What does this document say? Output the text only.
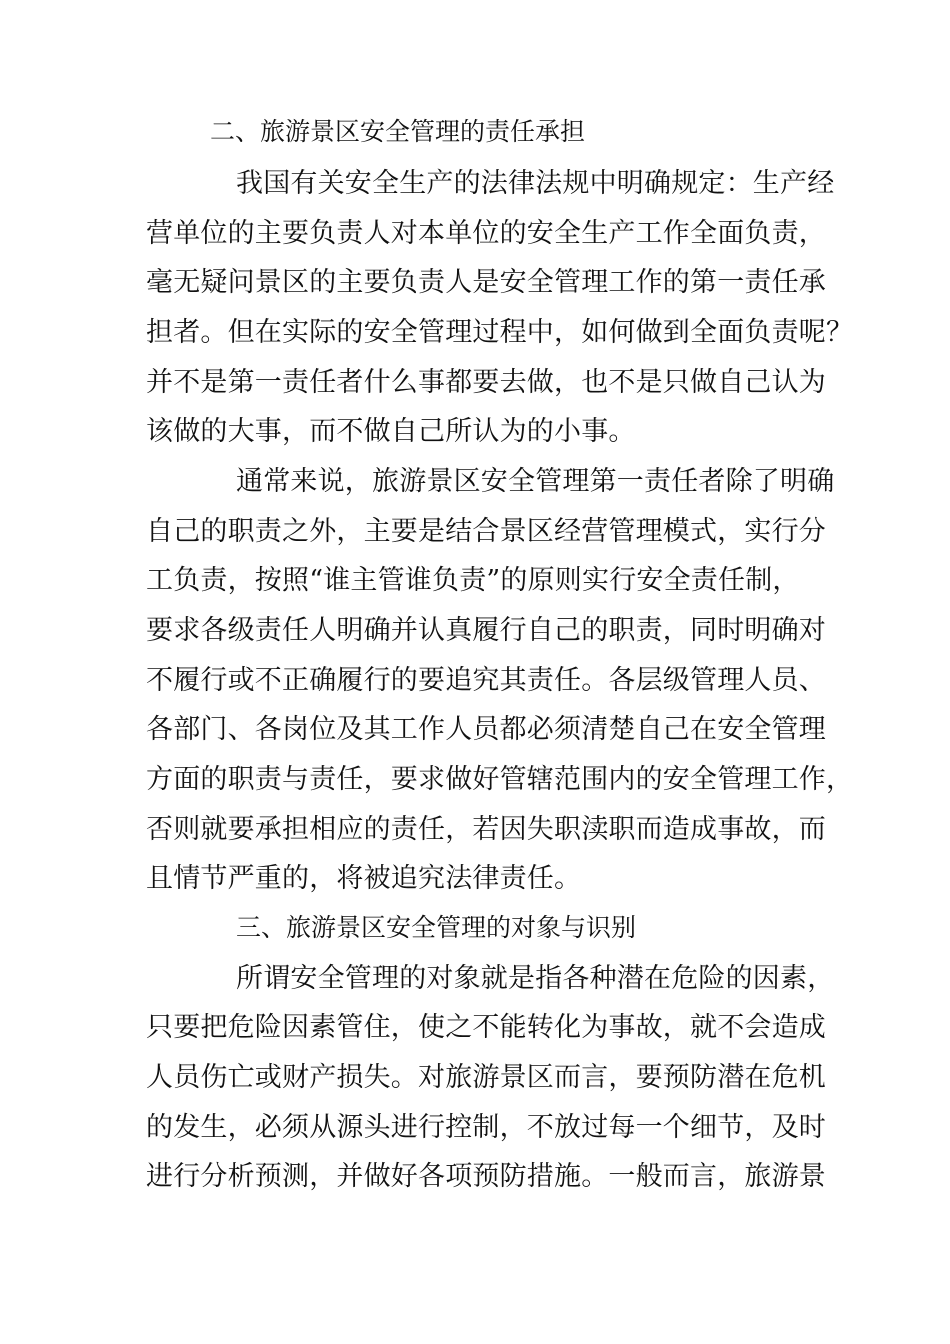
二、旅游景区安全管理的责任承担
我国有关安全生产的法律法规中明确规定：生产经
营单位的主要负责人对本单位的安全生产工作全面负责，
毫无疑问景区的主要负责人是安全管理工作的第一责任承
担者。但在实际的安全管理过程中，如何做到全面负责呢？
并不是第一责任者什么事都要去做，也不是只做自己认为
该做的大事，而不做自己所认为的小事。
通常来说，旅游景区安全管理第一责任者除了明确
自己的职责之外，主要是结合景区经营管理模式，实行分
工负责，按照“谁主管谁负责”的原则实行安全责任制，
要求各级责任人明确并认真履行自己的职责，同时明确对
不履行或不正确履行的要追究其责任。各层级管理人员、
各部门、各岗位及其工作人员都必须清楚自己在安全管理
方面的职责与责任，要求做好管辖范围内的安全管理工作，
否则就要承担相应的责任，若因失职渎职而造成事故，而
且情节严重的，将被追究法律责任。
三、旅游景区安全管理的对象与识别
所谓安全管理的对象就是指各种潜在危险的因素，
只要把危险因素管住，使之不能转化为事故，就不会造成
人员伤亡或财产损失。对旅游景区而言，要预防潜在危机
的发生，必须从源头进行控制，不放过每一个细节，及时
进行分析预测，并做好各项预防措施。一般而言，旅游景
